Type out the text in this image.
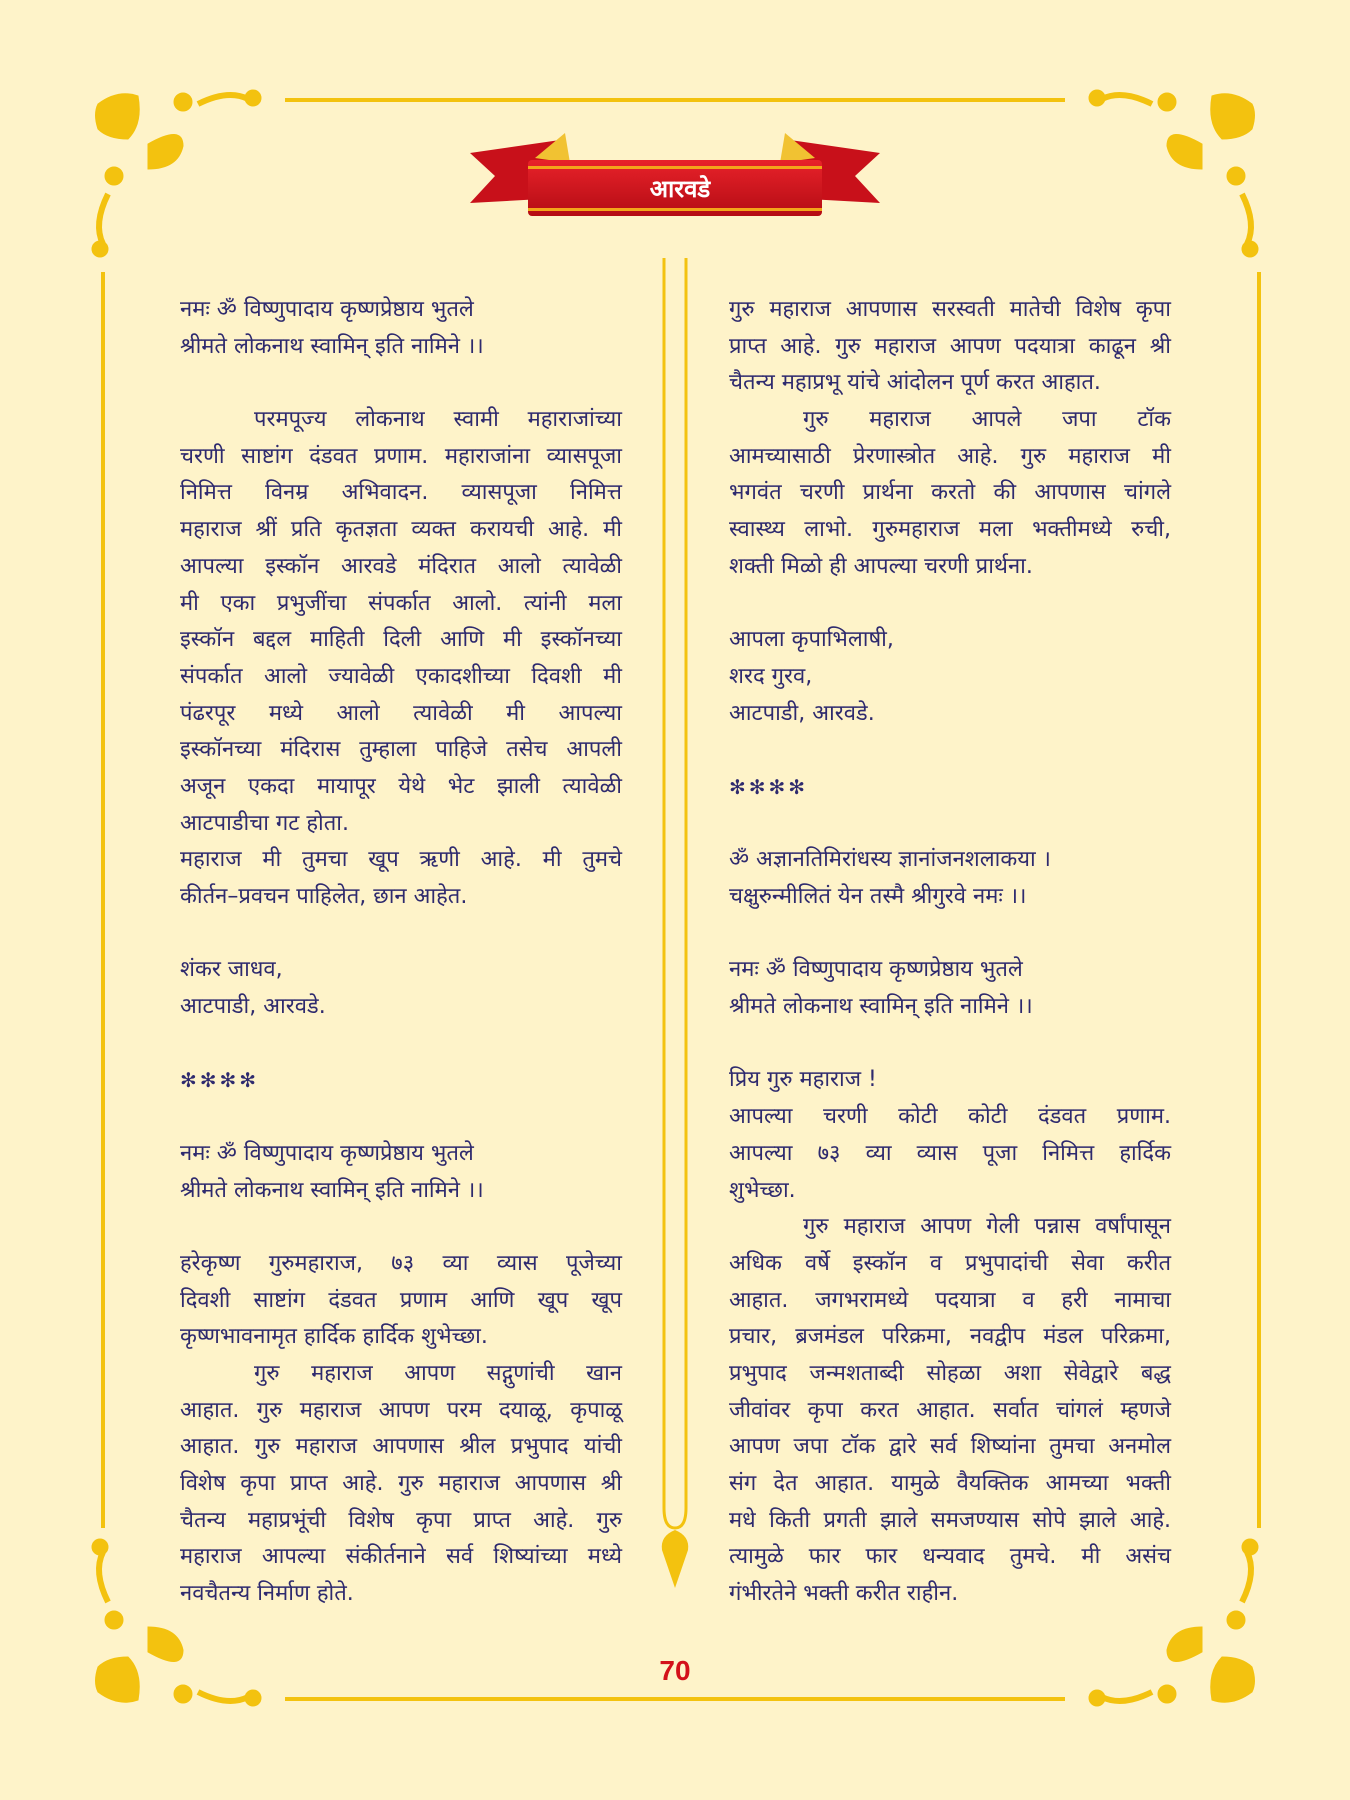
आरवडे
नमः ॐ विष्णुपादाय कृष्णप्रेष्ठाय भुतले
श्रीमते लोकनाथ स्वामिन् इति नामिने ।।
परमपूज्य लोकनाथ स्वामी महाराजांच्या
चरणी साष्टांग दंडवत प्रणाम. महाराजांना व्यासपूजा
निमित्त विनम्र अभिवादन. व्यासपूजा निमित्त
महाराज श्रीं प्रति कृतज्ञता व्यक्त करायची आहे. मी
आपल्या इस्कॉन आरवडे मंदिरात आलो त्यावेळी
मी एका प्रभुजींचा संपर्कात आलो. त्यांनी मला
इस्कॉन बद्दल माहिती दिली आणि मी इस्कॉनच्या
संपर्कात आलो ज्यावेळी एकादशीच्या दिवशी मी
पंढरपूर मध्ये आलो त्यावेळी मी आपल्या
इस्कॉनच्या मंदिरास तुम्हाला पाहिजे तसेच आपली
अजून एकदा मायापूर येथे भेट झाली त्यावेळी
आटपाडीचा गट होता.
महाराज मी तुमचा खूप ऋणी आहे. मी तुमचे
कीर्तन–प्रवचन पाहिलेत, छान आहेत.
शंकर जाधव,
आटपाडी, आरवडे.
✻✻✻✻
नमः ॐ विष्णुपादाय कृष्णप्रेष्ठाय भुतले
श्रीमते लोकनाथ स्वामिन् इति नामिने ।।
हरेकृष्ण गुरुमहाराज, ७३ व्या व्यास पूजेच्या
दिवशी साष्टांग दंडवत प्रणाम आणि खूप खूप
कृष्णभावनामृत हार्दिक हार्दिक शुभेच्छा.
गुरु महाराज आपण सद्गुणांची खान
आहात. गुरु महाराज आपण परम दयाळू, कृपाळू
आहात. गुरु महाराज आपणास श्रील प्रभुपाद यांची
विशेष कृपा प्राप्त आहे. गुरु महाराज आपणास श्री
चैतन्य महाप्रभूंची विशेष कृपा प्राप्त आहे. गुरु
महाराज आपल्या संकीर्तनाने सर्व शिष्यांच्या मध्ये
नवचैतन्य निर्माण होते.
गुरु महाराज आपणास सरस्वती मातेची विशेष कृपा
प्राप्त आहे. गुरु महाराज आपण पदयात्रा काढून श्री
चैतन्य महाप्रभू यांचे आंदोलन पूर्ण करत आहात.
गुरु महाराज आपले जपा टॉक
आमच्यासाठी प्रेरणास्त्रोत आहे. गुरु महाराज मी
भगवंत चरणी प्रार्थना करतो की आपणास चांगले
स्वास्थ्य लाभो. गुरुमहाराज मला भक्तीमध्ये रुची,
शक्ती मिळो ही आपल्या चरणी प्रार्थना.
आपला कृपाभिलाषी,
शरद गुरव,
आटपाडी, आरवडे.
✻✻✻✻
ॐ अज्ञानतिमिरांधस्य ज्ञानांजनशलाकया ।
चक्षुरुन्मीलितं येन तस्मै श्रीगुरवे नमः ।।
नमः ॐ विष्णुपादाय कृष्णप्रेष्ठाय भुतले
श्रीमते लोकनाथ स्वामिन् इति नामिने ।।
प्रिय गुरु महाराज !
आपल्या चरणी कोटी कोटी दंडवत प्रणाम.
आपल्या ७३ व्या व्यास पूजा निमित्त हार्दिक
शुभेच्छा.
गुरु महाराज आपण गेली पन्नास वर्षांपासून
अधिक वर्षे इस्कॉन व प्रभुपादांची सेवा करीत
आहात. जगभरामध्ये पदयात्रा व हरी नामाचा
प्रचार, ब्रजमंडल परिक्रमा, नवद्वीप मंडल परिक्रमा,
प्रभुपाद जन्मशताब्दी सोहळा अशा सेवेद्वारे बद्ध
जीवांवर कृपा करत आहात. सर्वात चांगलं म्हणजे
आपण जपा टॉक द्वारे सर्व शिष्यांना तुमचा अनमोल
संग देत आहात. यामुळे वैयक्तिक आमच्या भक्ती
मधे किती प्रगती झाले समजण्यास सोपे झाले आहे.
त्यामुळे फार फार धन्यवाद तुमचे. मी असंच
गंभीरतेने भक्ती करीत राहीन.
70
